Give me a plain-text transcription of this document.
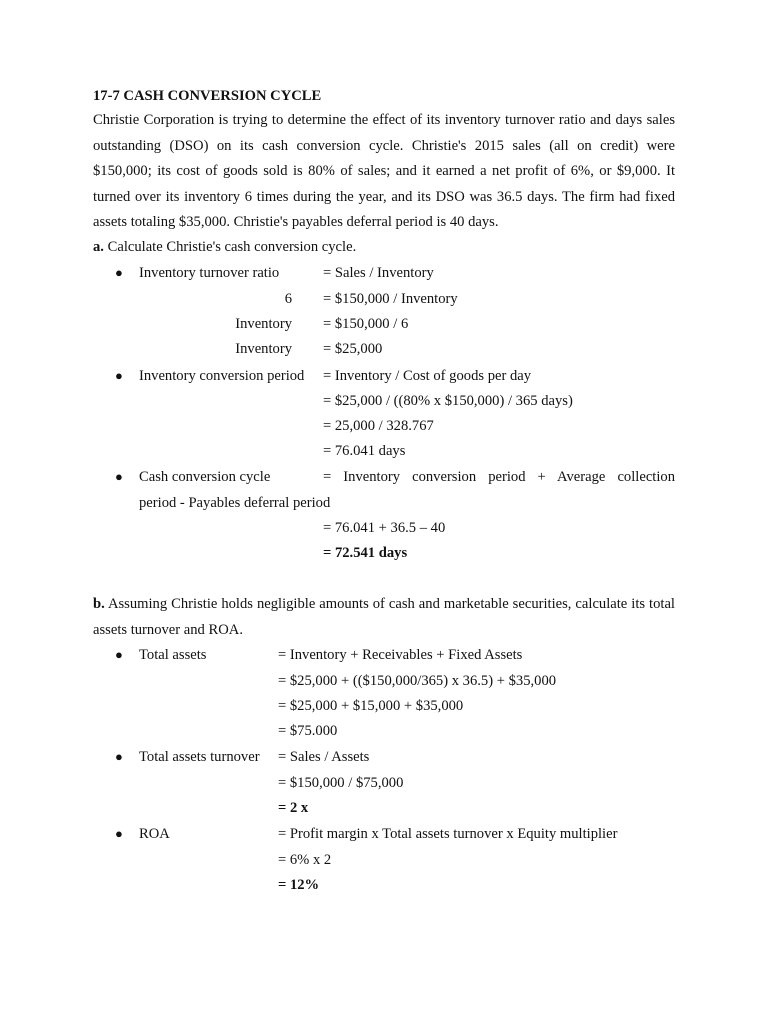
17-7 CASH CONVERSION CYCLE
Christie Corporation is trying to determine the effect of its inventory turnover ratio and days sales outstanding (DSO) on its cash conversion cycle. Christie's 2015 sales (all on credit) were $150,000; its cost of goods sold is 80% of sales; and it earned a net profit of 6%, or $9,000. It turned over its inventory 6 times during the year, and its DSO was 36.5 days. The firm had fixed assets totaling $35,000. Christie's payables deferral period is 40 days.
a. Calculate Christie's cash conversion cycle.
● Inventory turnover ratio	= Sales / Inventory
6 = $150,000 / Inventory
Inventory = $150,000 / 6
Inventory = $25,000
● Inventory conversion period = Inventory / Cost of goods per day
= $25,000 / ((80% x $150,000) / 365 days)
= 25,000 / 328.767
= 76.041 days
● Cash conversion cycle	= Inventory conversion period + Average collection
period - Payables deferral period
= 76.041 + 36.5 – 40
= 72.541 days
b. Assuming Christie holds negligible amounts of cash and marketable securities, calculate its total assets turnover and ROA.
● Total assets	= Inventory + Receivables + Fixed Assets
= $25,000 + (($150,000/365) x 36.5) + $35,000
= $25,000 + $15,000 + $35,000
= $75.000
● Total assets turnover = Sales / Assets
= $150,000 / $75,000
= 2 x
● ROA	= Profit margin x Total assets turnover x Equity multiplier
= 6% x 2
= 12%
